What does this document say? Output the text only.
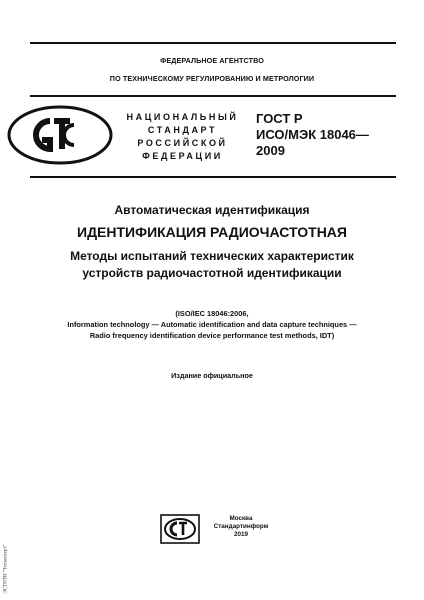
ФЕДЕРАЛЬНОЕ АГЕНТСТВО
ПО ТЕХНИЧЕСКОМУ РЕГУЛИРОВАНИЮ И МЕТРОЛОГИИ
НАЦИОНАЛЬНЫЙ
СТАНДАРТ
РОССИЙСКОЙ
ФЕДЕРАЦИИ
ГОСТ Р
ИСО/МЭК 18046—
2009
Автоматическая идентификация
ИДЕНТИФИКАЦИЯ РАДИОЧАСТОТНАЯ
Методы испытаний технических характеристик
устройств радиочастотной идентификации
(ISO/IEC 18046:2006,
Information technology — Automatic identification and data capture techniques —
Radio frequency identification device performance test methods, IDT)
Издание официальное
Москва
Стандартинформ
2019
ЭСТНТИ "Техэксперт"
